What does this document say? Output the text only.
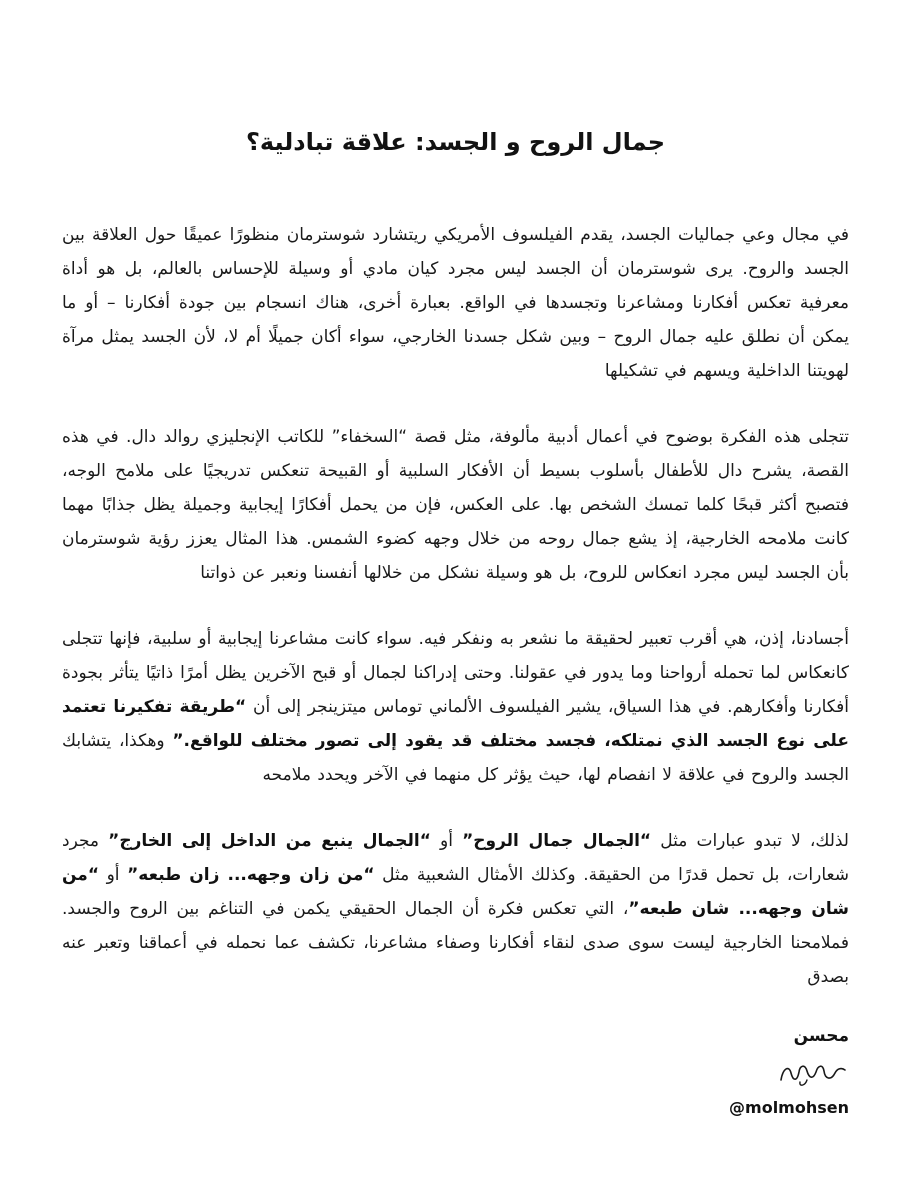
جمال الروح و الجسد: علاقة تبادلية؟

في مجال وعي جماليات الجسد، يقدم الفيلسوف الأمريكي ريتشارد شوسترمان منظورًا عميقًا حول العلاقة بين الجسد والروح. يرى شوسترمان أن الجسد ليس مجرد كيان مادي أو وسيلة للإحساس بالعالم، بل هو أداة معرفية تعكس أفكارنا ومشاعرنا وتجسدها في الواقع. بعبارة أخرى، هناك انسجام بين جودة أفكارنا – أو ما يمكن أن نطلق عليه جمال الروح – وبين شكل جسدنا الخارجي، سواء أكان جميلًا أم لا، لأن الجسد يمثل مرآة لهويتنا الداخلية ويسهم في تشكيلها

تتجلى هذه الفكرة بوضوح في أعمال أدبية مألوفة، مثل قصة “السخفاء” للكاتب الإنجليزي روالد دال. في هذه القصة، يشرح دال للأطفال بأسلوب بسيط أن الأفكار السلبية أو القبيحة تنعكس تدريجيًا على ملامح الوجه، فتصبح أكثر قبحًا كلما تمسك الشخص بها. على العكس، فإن من يحمل أفكارًا إيجابية وجميلة يظل جذابًا مهما كانت ملامحه الخارجية، إذ يشع جمال روحه من خلال وجهه كضوء الشمس. هذا المثال يعزز رؤية شوسترمان بأن الجسد ليس مجرد انعكاس للروح، بل هو وسيلة نشكل من خلالها أنفسنا ونعبر عن ذواتنا

أجسادنا، إذن، هي أقرب تعبير لحقيقة ما نشعر به ونفكر فيه. سواء كانت مشاعرنا إيجابية أو سلبية، فإنها تتجلى كانعكاس لما تحمله أرواحنا وما يدور في عقولنا. وحتى إدراكنا لجمال أو قبح الآخرين يظل أمرًا ذاتيًا يتأثر بجودة أفكارنا وأفكارهم. في هذا السياق، يشير الفيلسوف الألماني توماس ميتزينجر إلى أن “طريقة تفكيرنا تعتمد على نوع الجسد الذي نمتلكه، فجسد مختلف قد يقود إلى تصور مختلف للواقع.” وهكذا، يتشابك الجسد والروح في علاقة لا انفصام لها، حيث يؤثر كل منهما في الآخر ويحدد ملامحه

لذلك، لا تبدو عبارات مثل “الجمال جمال الروح” أو “الجمال ينبع من الداخل إلى الخارج” مجرد شعارات، بل تحمل قدرًا من الحقيقة. وكذلك الأمثال الشعبية مثل “من زان وجهه... زان طبعه” أو “من شان وجهه... شان طبعه”، التي تعكس فكرة أن الجمال الحقيقي يكمن في التناغم بين الروح والجسد. فملامحنا الخارجية ليست سوى صدى لنقاء أفكارنا وصفاء مشاعرنا، تكشف عما نحمله في أعماقنا وتعبر عنه بصدق

محسن
@molmohsen
